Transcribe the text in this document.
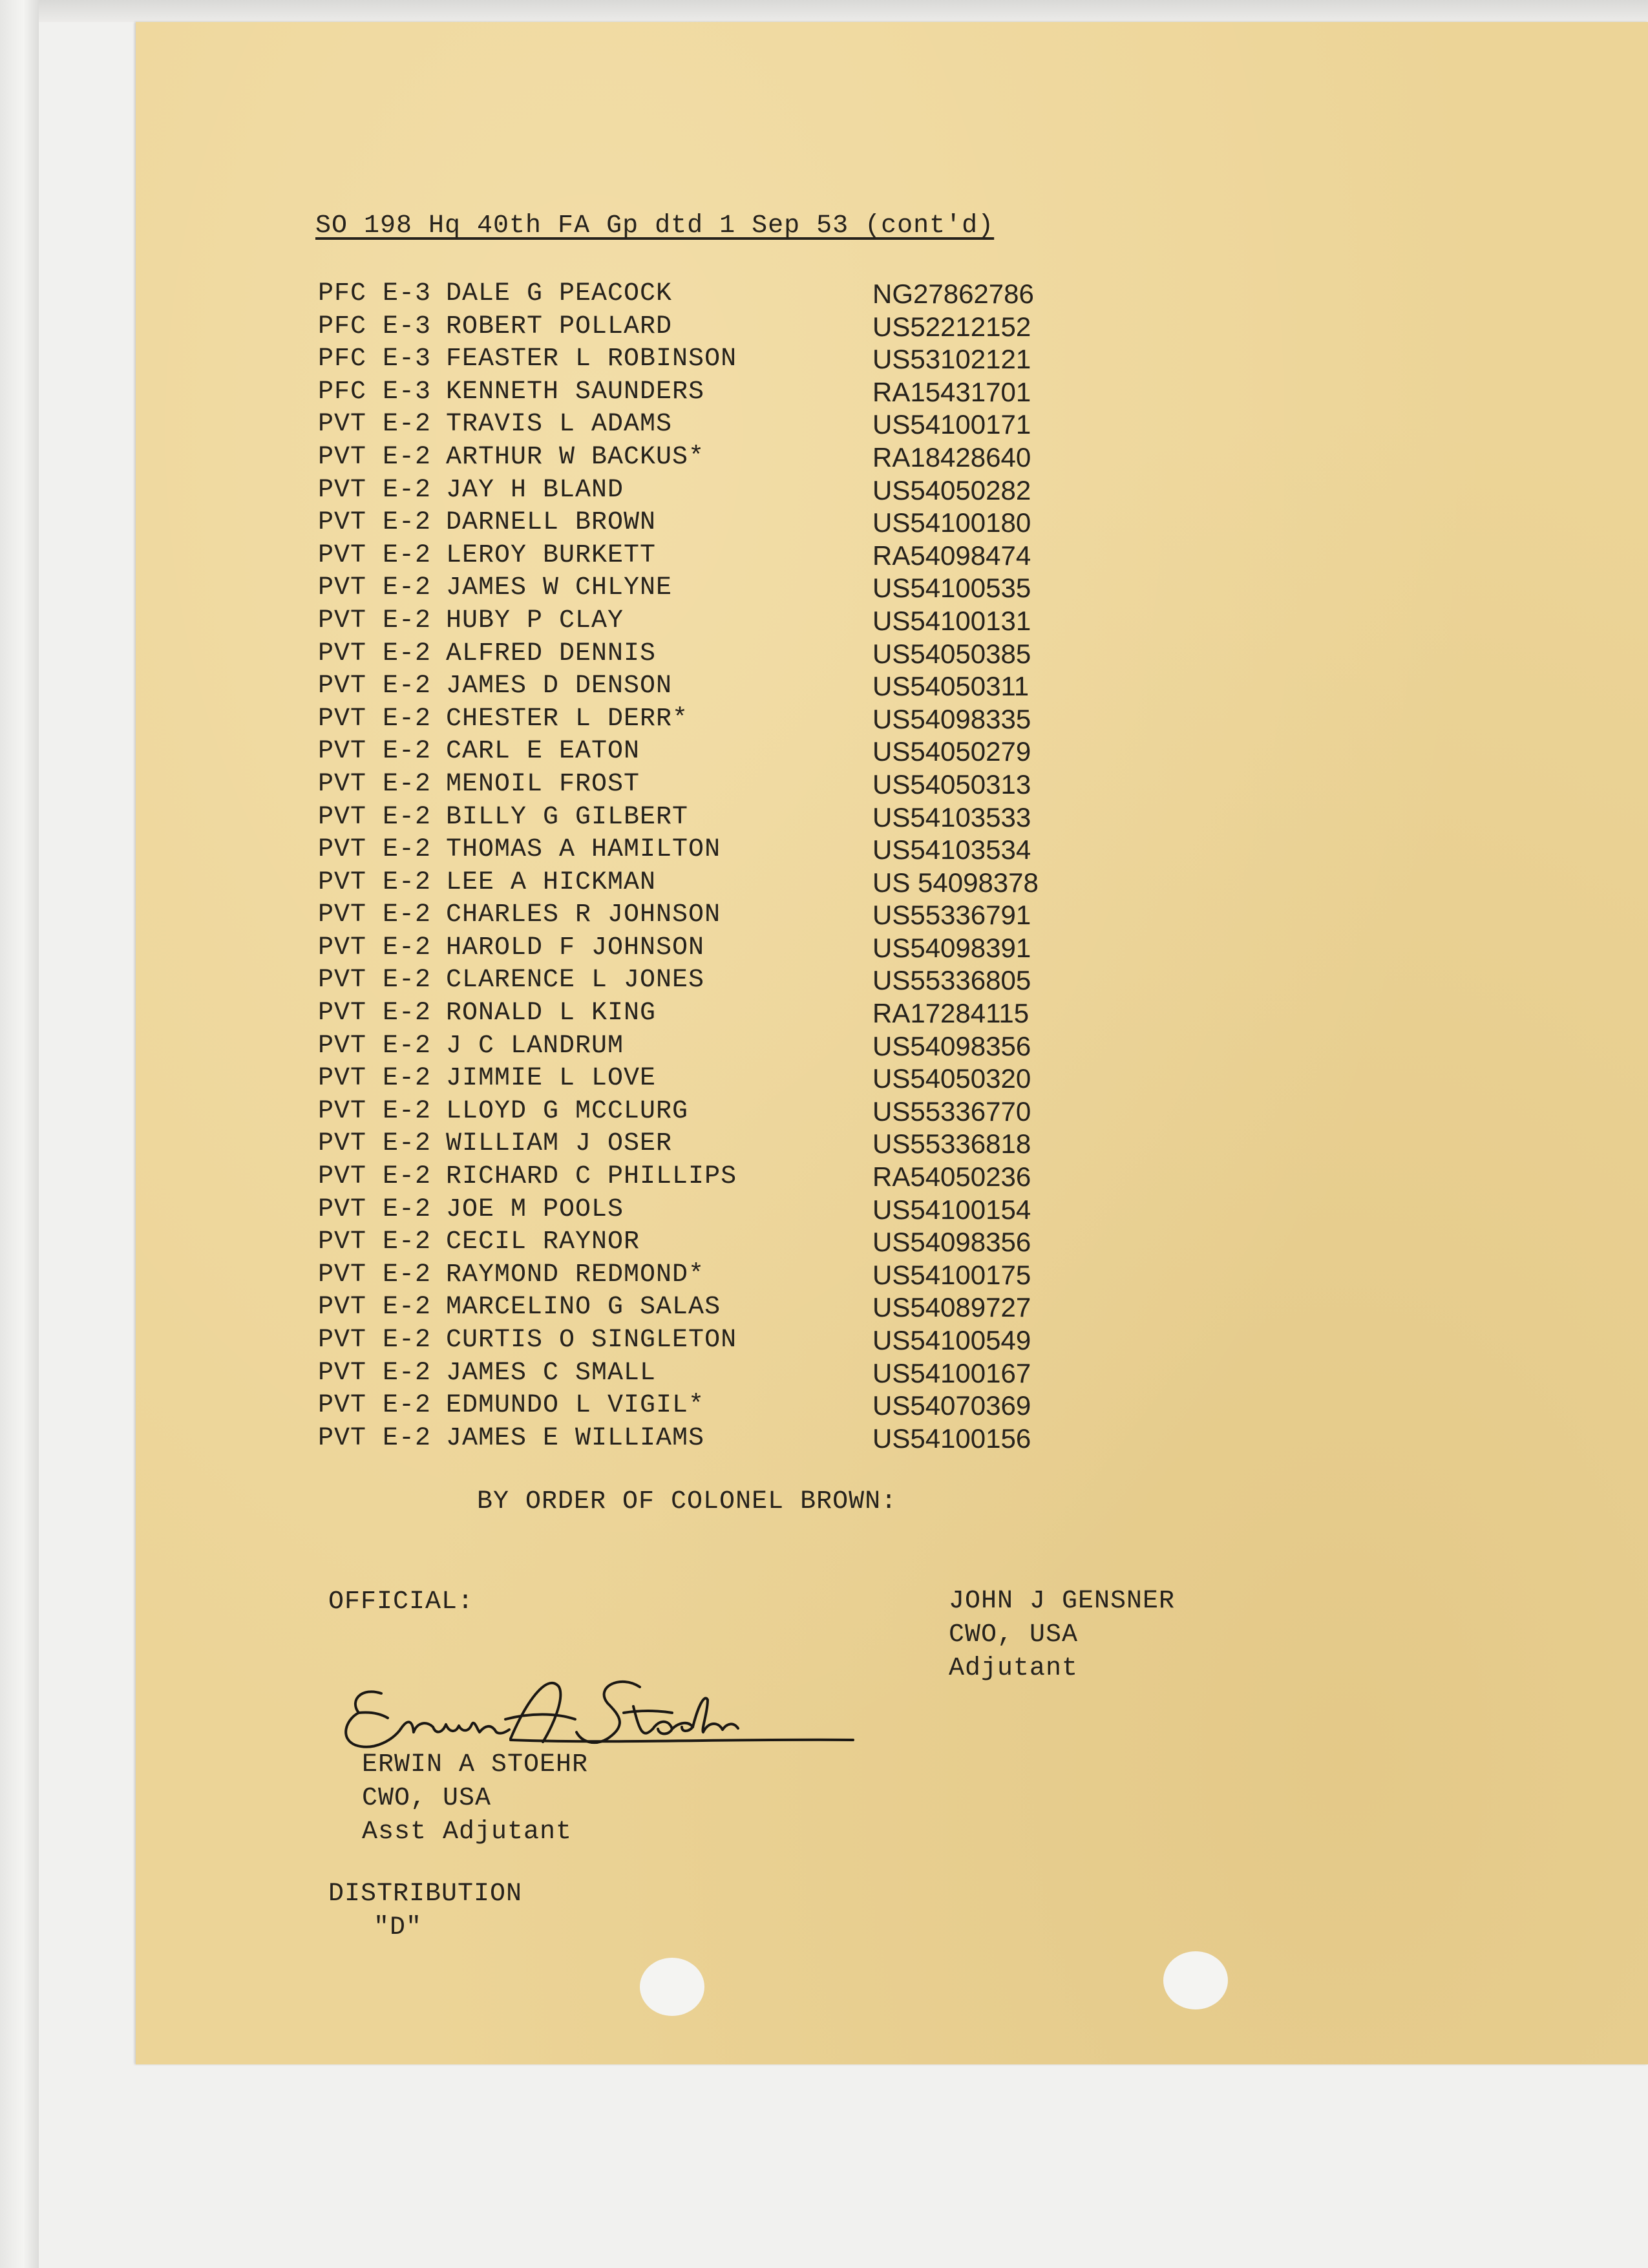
SO 198 Hq 40th FA Gp dtd 1 Sep 53 (cont'd)
PFC E-3 DALE G PEACOCK	NG27862786
PFC E-3 ROBERT POLLARD	US52212152
PFC E-3 FEASTER L ROBINSON	US53102121
PFC E-3 KENNETH SAUNDERS	RA15431701
PVT E-2 TRAVIS L ADAMS	US54100171
PVT E-2 ARTHUR W BACKUS*	RA18428640
PVT E-2 JAY H BLAND	US54050282
PVT E-2 DARNELL BROWN	US54100180
PVT E-2 LEROY BURKETT	RA54098474
PVT E-2 JAMES W CHLYNE	US54100535
PVT E-2 HUBY P CLAY	US54100131
PVT E-2 ALFRED DENNIS	US54050385
PVT E-2 JAMES D DENSON	US54050311
PVT E-2 CHESTER L DERR*	US54098335
PVT E-2 CARL E EATON	US54050279
PVT E-2 MENOIL FROST	US54050313
PVT E-2 BILLY G GILBERT	US54103533
PVT E-2 THOMAS A HAMILTON	US54103534
PVT E-2 LEE A HICKMAN	US 54098378
PVT E-2 CHARLES R JOHNSON	US55336791
PVT E-2 HAROLD F JOHNSON	US54098391
PVT E-2 CLARENCE L JONES	US55336805
PVT E-2 RONALD L KING	RA17284115
PVT E-2 J C LANDRUM	US54098356
PVT E-2 JIMMIE L LOVE	US54050320
PVT E-2 LLOYD G MCCLURG	US55336770
PVT E-2 WILLIAM J OSER	US55336818
PVT E-2 RICHARD C PHILLIPS	RA54050236
PVT E-2 JOE M POOLS	US54100154
PVT E-2 CECIL RAYNOR	US54098356
PVT E-2 RAYMOND REDMOND*	US54100175
PVT E-2 MARCELINO G SALAS	US54089727
PVT E-2 CURTIS O SINGLETON	US54100549
PVT E-2 JAMES C SMALL	US54100167
PVT E-2 EDMUNDO L VIGIL*	US54070369
PVT E-2 JAMES E WILLIAMS	US54100156
BY ORDER OF COLONEL BROWN:
OFFICIAL:	JOHN J GENSNER
CWO, USA
Adjutant
ERWIN A STOEHR
CWO, USA
Asst Adjutant
DISTRIBUTION
"D"
